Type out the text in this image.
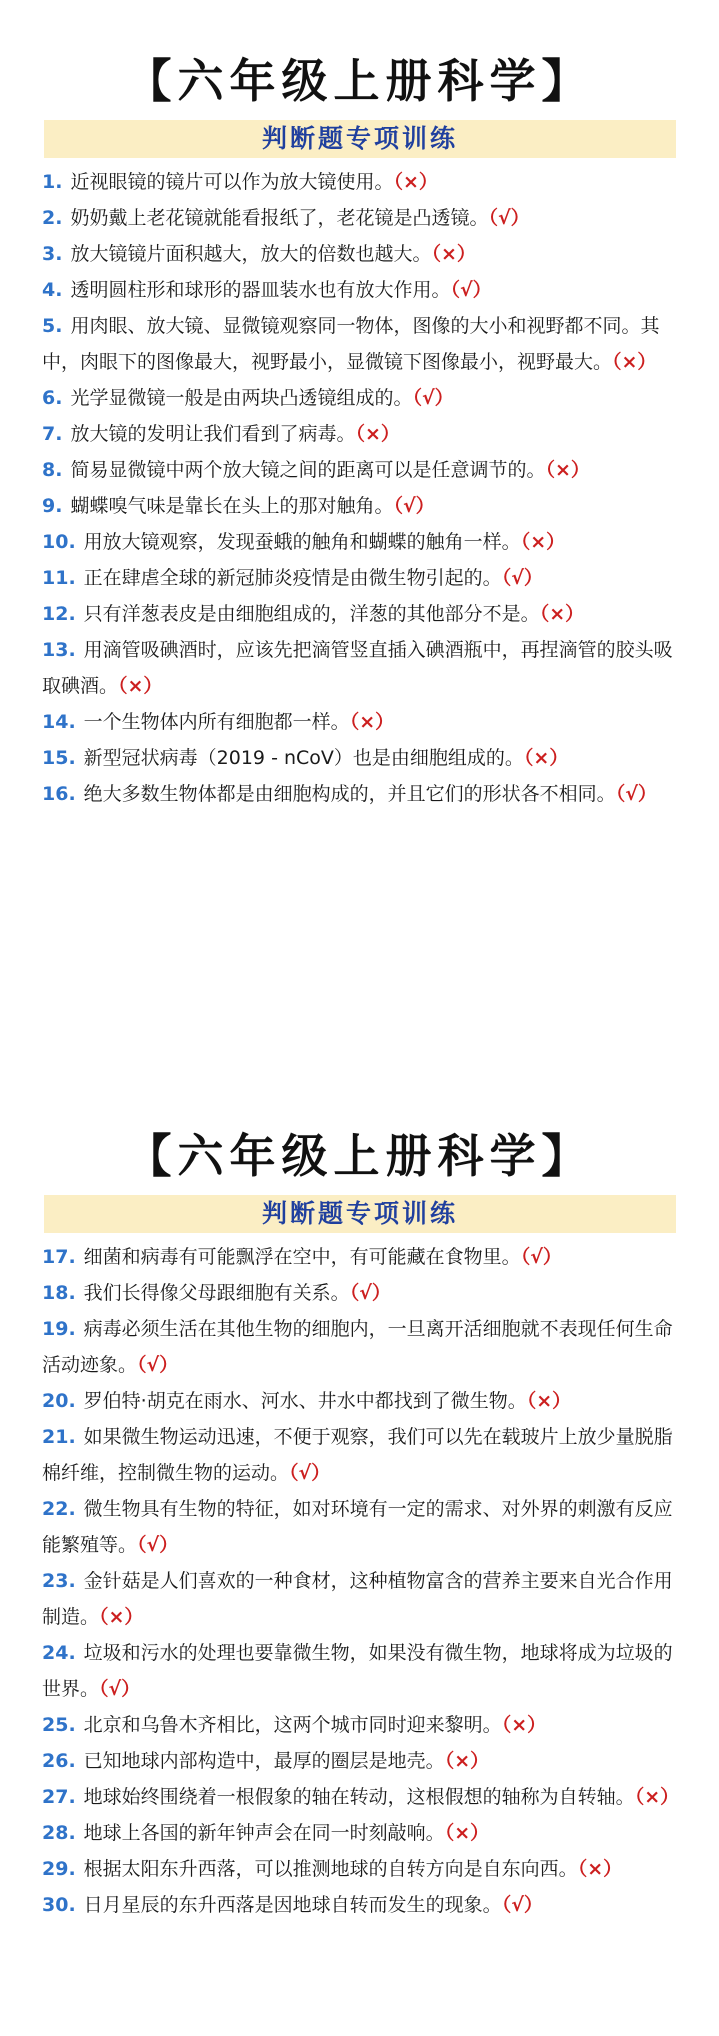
【六年级上册科学】
判断题专项训练
1. 近视眼镜的镜片可以作为放大镜使用。（×）
2. 奶奶戴上老花镜就能看报纸了，老花镜是凸透镜。（√）
3. 放大镜镜片面积越大，放大的倍数也越大。（×）
4. 透明圆柱形和球形的器皿装水也有放大作用。（√）
5. 用肉眼、放大镜、显微镜观察同一物体，图像的大小和视野都不同。其中，肉眼下的图像最大，视野最小，显微镜下图像最小，视野最大。（×）
6. 光学显微镜一般是由两块凸透镜组成的。（√）
7. 放大镜的发明让我们看到了病毒。（×）
8. 简易显微镜中两个放大镜之间的距离可以是任意调节的。（×）
9. 蝴蝶嗅气味是靠长在头上的那对触角。（√）
10. 用放大镜观察，发现蚕蛾的触角和蝴蝶的触角一样。（×）
11. 正在肆虐全球的新冠肺炎疫情是由微生物引起的。（√）
12. 只有洋葱表皮是由细胞组成的，洋葱的其他部分不是。（×）
13. 用滴管吸碘酒时，应该先把滴管竖直插入碘酒瓶中，再捏滴管的胶头吸取碘酒。（×）
14. 一个生物体内所有细胞都一样。（×）
15. 新型冠状病毒（2019 - nCoV）也是由细胞组成的。（×）
16. 绝大多数生物体都是由细胞构成的，并且它们的形状各不相同。（√）
【六年级上册科学】
判断题专项训练
17. 细菌和病毒有可能飘浮在空中，有可能藏在食物里。（√）
18. 我们长得像父母跟细胞有关系。（√）
19. 病毒必须生活在其他生物的细胞内，一旦离开活细胞就不表现任何生命活动迹象。（√）
20. 罗伯特·胡克在雨水、河水、井水中都找到了微生物。（×）
21. 如果微生物运动迅速，不便于观察，我们可以先在载玻片上放少量脱脂棉纤维，控制微生物的运动。（√）
22. 微生物具有生物的特征，如对环境有一定的需求、对外界的刺激有反应能繁殖等。（√）
23. 金针菇是人们喜欢的一种食材，这种植物富含的营养主要来自光合作用制造。（×）
24. 垃圾和污水的处理也要靠微生物，如果没有微生物，地球将成为垃圾的世界。（√）
25. 北京和乌鲁木齐相比，这两个城市同时迎来黎明。（×）
26. 已知地球内部构造中，最厚的圈层是地壳。（×）
27. 地球始终围绕着一根假象的轴在转动，这根假想的轴称为自转轴。（×）
28. 地球上各国的新年钟声会在同一时刻敲响。（×）
29. 根据太阳东升西落，可以推测地球的自转方向是自东向西。（×）
30. 日月星辰的东升西落是因地球自转而发生的现象。（√）
